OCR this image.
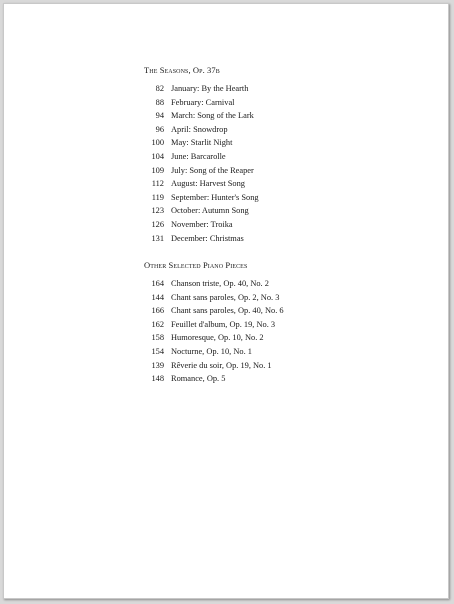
The Seasons, Op. 37b
82 January: By the Hearth
88 February: Carnival
94 March: Song of the Lark
96 April: Snowdrop
100 May: Starlit Night
104 June: Barcarolle
109 July: Song of the Reaper
112 August: Harvest Song
119 September: Hunter's Song
123 October: Autumn Song
126 November: Troika
131 December: Christmas
Other Selected Piano Pieces
164 Chanson triste, Op. 40, No. 2
144 Chant sans paroles, Op. 2, No. 3
166 Chant sans paroles, Op. 40, No. 6
162 Feuillet d'album, Op. 19, No. 3
158 Humoresque, Op. 10, No. 2
154 Nocturne, Op. 10, No. 1
139 Rêverie du soir, Op. 19, No. 1
148 Romance, Op. 5
